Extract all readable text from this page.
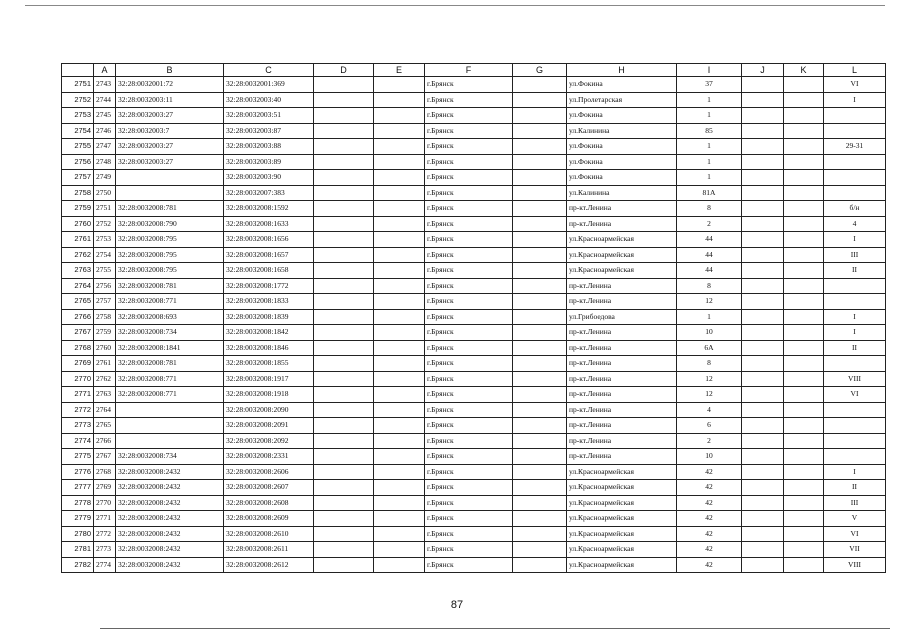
	A	B	C	D	E	F	G	H	I	J	K	L
2751	2743	32:28:0032001:72	32:28:0032001:369			г.Брянск		ул.Фокина	37			VI
2752	2744	32:28:0032003:11	32:28:0032003:40			г.Брянск		ул.Пролетарская	1			I
2753	2745	32:28:0032003:27	32:28:0032003:51			г.Брянск		ул.Фокина	1			
2754	2746	32:28:0032003:7	32:28:0032003:87			г.Брянск		ул.Калинина	85			
2755	2747	32:28:0032003:27	32:28:0032003:88			г.Брянск		ул.Фокина	1			29-31
2756	2748	32:28:0032003:27	32:28:0032003:89			г.Брянск		ул.Фокина	1			
2757	2749		32:28:0032003:90			г.Брянск		ул.Фокина	1			
2758	2750		32:28:0032007:383			г.Брянск		ул.Калинина	81А			
2759	2751	32:28:0032008:781	32:28:0032008:1592			г.Брянск		пр-кт.Ленина	8			б/н
2760	2752	32:28:0032008:790	32:28:0032008:1633			г.Брянск		пр-кт.Ленина	2			4
2761	2753	32:28:0032008:795	32:28:0032008:1656			г.Брянск		ул.Красноармейская	44			I
2762	2754	32:28:0032008:795	32:28:0032008:1657			г.Брянск		ул.Красноармейская	44			III
2763	2755	32:28:0032008:795	32:28:0032008:1658			г.Брянск		ул.Красноармейская	44			II
2764	2756	32:28:0032008:781	32:28:0032008:1772			г.Брянск		пр-кт.Ленина	8			
2765	2757	32:28:0032008:771	32:28:0032008:1833			г.Брянск		пр-кт.Ленина	12			
2766	2758	32:28:0032008:693	32:28:0032008:1839			г.Брянск		ул.Грибоедова	1			I
2767	2759	32:28:0032008:734	32:28:0032008:1842			г.Брянск		пр-кт.Ленина	10			I
2768	2760	32:28:0032008:1841	32:28:0032008:1846			г.Брянск		пр-кт.Ленина	6А			II
2769	2761	32:28:0032008:781	32:28:0032008:1855			г.Брянск		пр-кт.Ленина	8			
2770	2762	32:28:0032008:771	32:28:0032008:1917			г.Брянск		пр-кт.Ленина	12			VIII
2771	2763	32:28:0032008:771	32:28:0032008:1918			г.Брянск		пр-кт.Ленина	12			VI
2772	2764		32:28:0032008:2090			г.Брянск		пр-кт.Ленина	4			
2773	2765		32:28:0032008:2091			г.Брянск		пр-кт.Ленина	6			
2774	2766		32:28:0032008:2092			г.Брянск		пр-кт.Ленина	2			
2775	2767	32:28:0032008:734	32:28:0032008:2331			г.Брянск		пр-кт.Ленина	10			
2776	2768	32:28:0032008:2432	32:28:0032008:2606			г.Брянск		ул.Красноармейская	42			I
2777	2769	32:28:0032008:2432	32:28:0032008:2607			г.Брянск		ул.Красноармейская	42			II
2778	2770	32:28:0032008:2432	32:28:0032008:2608			г.Брянск		ул.Красноармейская	42			III
2779	2771	32:28:0032008:2432	32:28:0032008:2609			г.Брянск		ул.Красноармейская	42			V
2780	2772	32:28:0032008:2432	32:28:0032008:2610			г.Брянск		ул.Красноармейская	42			VI
2781	2773	32:28:0032008:2432	32:28:0032008:2611			г.Брянск		ул.Красноармейская	42			VII
2782	2774	32:28:0032008:2432	32:28:0032008:2612			г.Брянск		ул.Красноармейская	42			VIII
87
